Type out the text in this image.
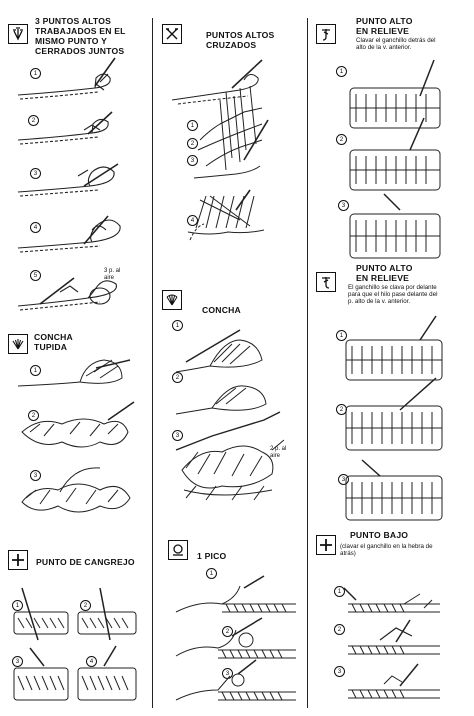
3 PUNTOS ALTOS
TRABAJADOS EN EL
MISMO PUNTO Y
CERRADOS JUNTOS
1
2
3
4
5
3 p. al
aire
CONCHA
TUPIDA
1
2
3
PUNTO DE CANGREJO
1	2
3	4
PUNTOS ALTOS
CRUZADOS
1
2
3
4
CONCHA
1
2
3
2 p. al
aire
1 PICO
1
2
3
PUNTO ALTO
EN RELIEVE
Clavar el ganchillo detrás del
alto de la v. anterior.
1
2
3
PUNTO ALTO
EN RELIEVE
El ganchillo se clava por delante
para que el hilo pase delante del
p. alto de la v. anterior.
1
2
3
PUNTO BAJO
(clavar el ganchillo en la hebra de
atrás)
1
2
3
